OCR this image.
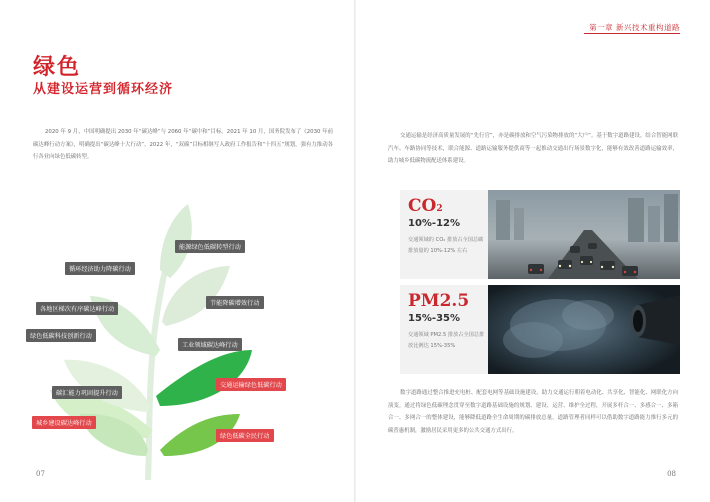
第一章 新兴技术重构道路
绿色
从建设运营到循环经济

2020 年 9 月，中国明确提出 2030 年“碳达峰”与 2060 年“碳中和”目标。2021 年 10 月，国务院发布了《2030 年前碳达峰行动方案》，明确提出“碳达峰十大行动”。2022 年，“双碳”目标相继写入政府工作报告和“十四五”规划，强有力推动各行各业向绿色低碳转型。

交通运输是经济高质量发展的“先行官”，亦是碳排放和空气污染物排放的“大户”。基于数字道路建设，结合智能网联汽车、车路协同等技术，联合能源、道路运输服务提供商等一起推动交通出行场景数字化，能够有效改善道路运输效率，助力城乡低碳物流配送体系建设。

CO2
10%-12%
交通领域的 CO₂ 排放占全国总碳排放量的 10%-12% 左右
PM2.5
15%-35%
交通领域 PM2.5 排放占全国总排放比例达 15%-35%

数字道路通过整合推进充电桩、配套电网等基础设施建设，助力交通运行朝着电动化、共享化、智能化、网联化方向演变。通过将绿色低碳理念贯穿至数字道路基础设施的规划、建设、运营、维护全过程，开展多杆合一、多感合一、多箱合一、多网合一的整体建设，能够降低道路全生命周期的碳排放总量。道路管理者同样可以借助数字道路能力推行多元的碳普惠机制，激励居民采用更多的公共交通方式出行。

能源绿色低碳转型行动
循环经济助力降碳行动
节能降碳增效行动
各地区梯次有序碳达峰行动
绿色低碳科技创新行动
工业领域碳达峰行动
交通运输绿色低碳行动
碳汇能力巩固提升行动
城乡建设碳达峰行动
绿色低碳全民行动
07	08
